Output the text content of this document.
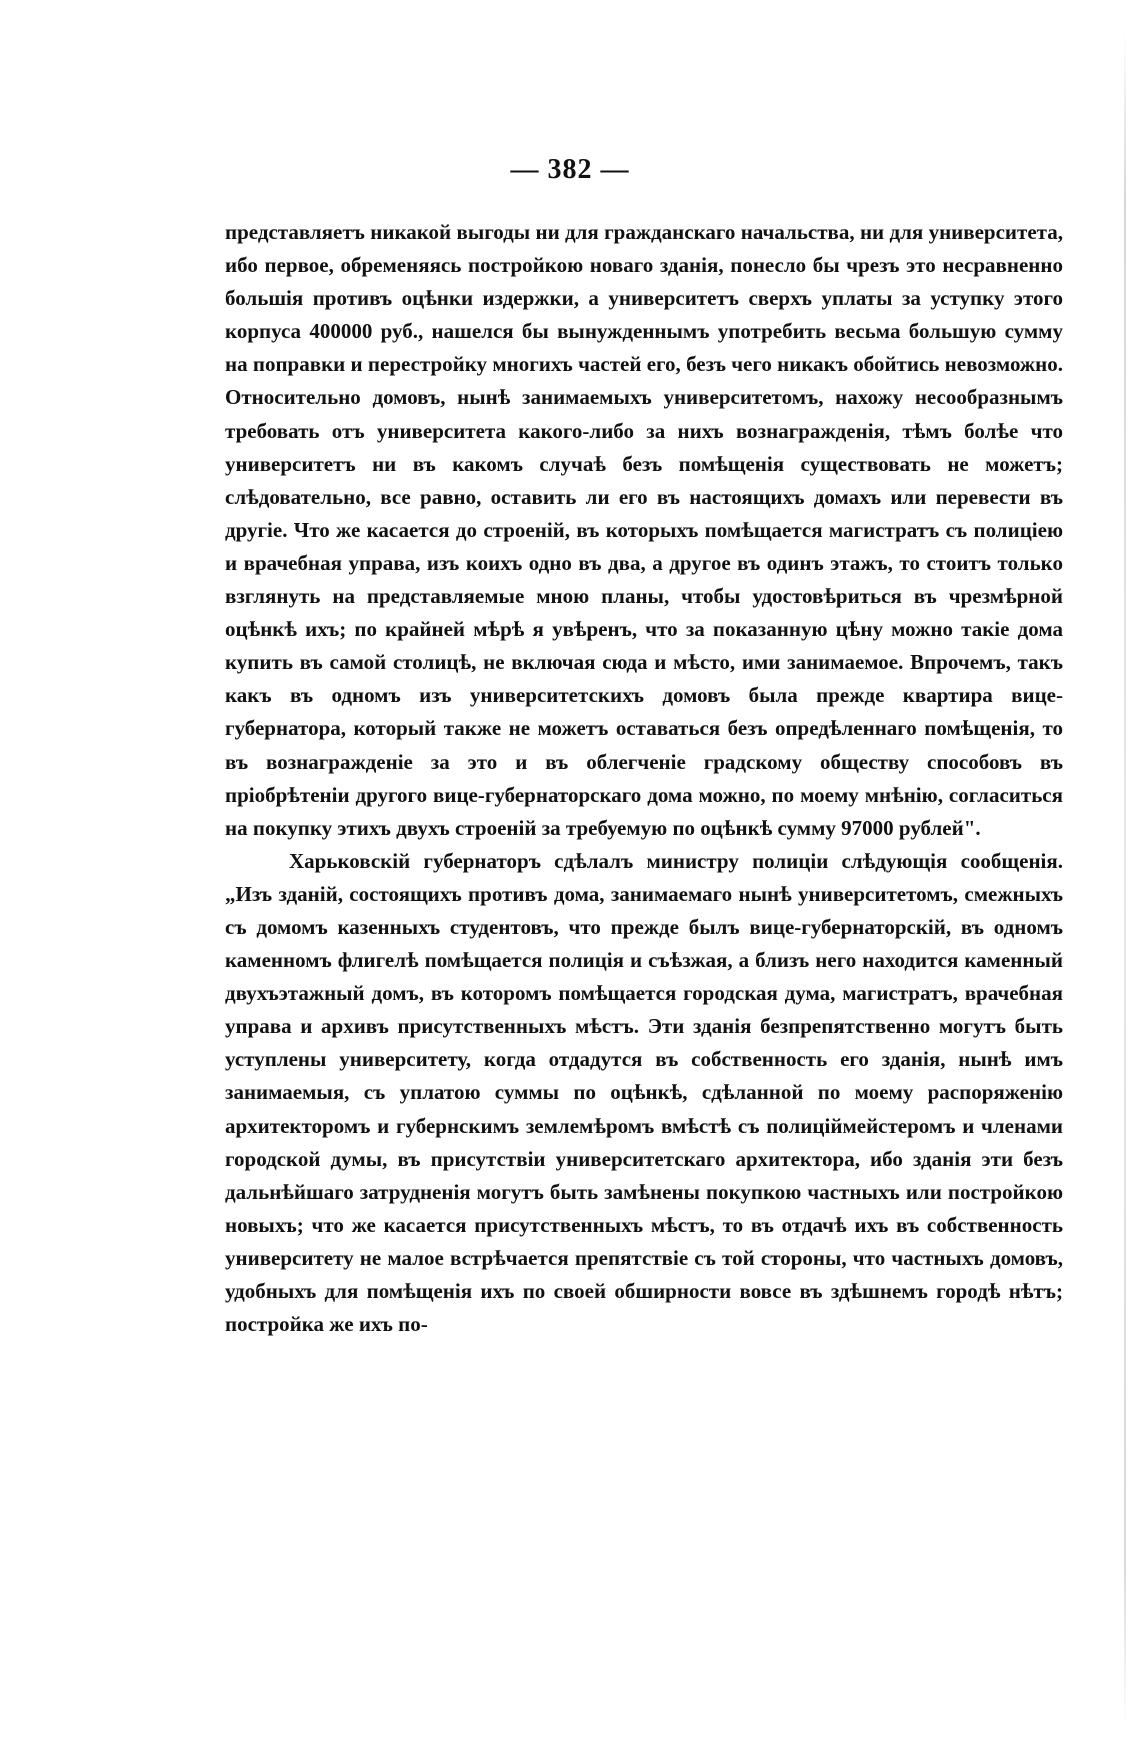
— 382 —

представляетъ никакой выгоды ни для гражданскаго начальства, ни для университета, ибо первое, обременяясь постройкою новаго зданія, понесло бы чрезъ это несравненно большія противъ оцѣнки издержки, а университетъ сверхъ уплаты за уступку этого корпуса 400000 руб., нашелся бы вынужденнымъ употребить весьма большую сумму на поправки и перестройку многихъ частей его, безъ чего никакъ обойтись невозможно. Относительно домовъ, нынѣ занимаемыхъ университетомъ, нахожу несообразнымъ требовать отъ университета какого-либо за нихъ вознагражденія, тѣмъ болѣе что университетъ ни въ какомъ случаѣ безъ помѣщенія существовать не можетъ; слѣдовательно, все равно, оставить ли его въ настоящихъ домахъ или перевести въ другіе. Что же касается до строеній, въ которыхъ помѣщается магистратъ съ полиціею и врачебная управа, изъ коихъ одно въ два, а другое въ одинъ этажъ, то стоитъ только взглянуть на представляемые мною планы, чтобы удостовѣриться въ чрезмѣрной оцѣнкѣ ихъ; по крайней мѣрѣ я увѣренъ, что за показанную цѣну можно такіе дома купить въ самой столицѣ, не включая сюда и мѣсто, ими занимаемое. Впрочемъ, такъ какъ въ одномъ изъ университетскихъ домовъ была прежде квартира вице-губернатора, который также не можетъ оставаться безъ опредѣленнаго помѣщенія, то въ вознагражденіе за это и въ облегченіе градскому обществу способовъ въ пріобрѣтеніи другого вице-губернаторскаго дома можно, по моему мнѣнію, согласиться на покупку этихъ двухъ строеній за требуемую по оцѣнкѣ сумму 97000 рублей".

Харьковскій губернаторъ сдѣлалъ министру полиціи слѣдующія сообщенія. „Изъ зданій, состоящихъ противъ дома, занимаемаго нынѣ университетомъ, смежныхъ съ домомъ казенныхъ студентовъ, что прежде былъ вице-губернаторскій, въ одномъ каменномъ флигелѣ помѣщается полиція и съѣзжая, а близъ него находится каменный двухъэтажный домъ, въ которомъ помѣщается городская дума, магистратъ, врачебная управа и архивъ присутственныхъ мѣстъ. Эти зданія безпрепятственно могутъ быть уступлены университету, когда отдадутся въ собственность его зданія, нынѣ имъ занимаемыя, съ уплатою суммы по оцѣнкѣ, сдѣланной по моему распоряженію архитекторомъ и губернскимъ землемѣромъ вмѣстѣ съ полиціймейстеромъ и членами городской думы, въ присутствіи университетскаго архитектора, ибо зданія эти безъ дальнѣйшаго затрудненія могутъ быть замѣнены покупкою частныхъ или постройкою новыхъ; что же касается присутственныхъ мѣстъ, то въ отдачѣ ихъ въ собственность университету не малое встрѣчается препятствіе съ той стороны, что частныхъ домовъ, удобныхъ для помѣщенія ихъ по своей обширности вовсе въ здѣшнемъ городѣ нѣтъ; постройка же ихъ по-
